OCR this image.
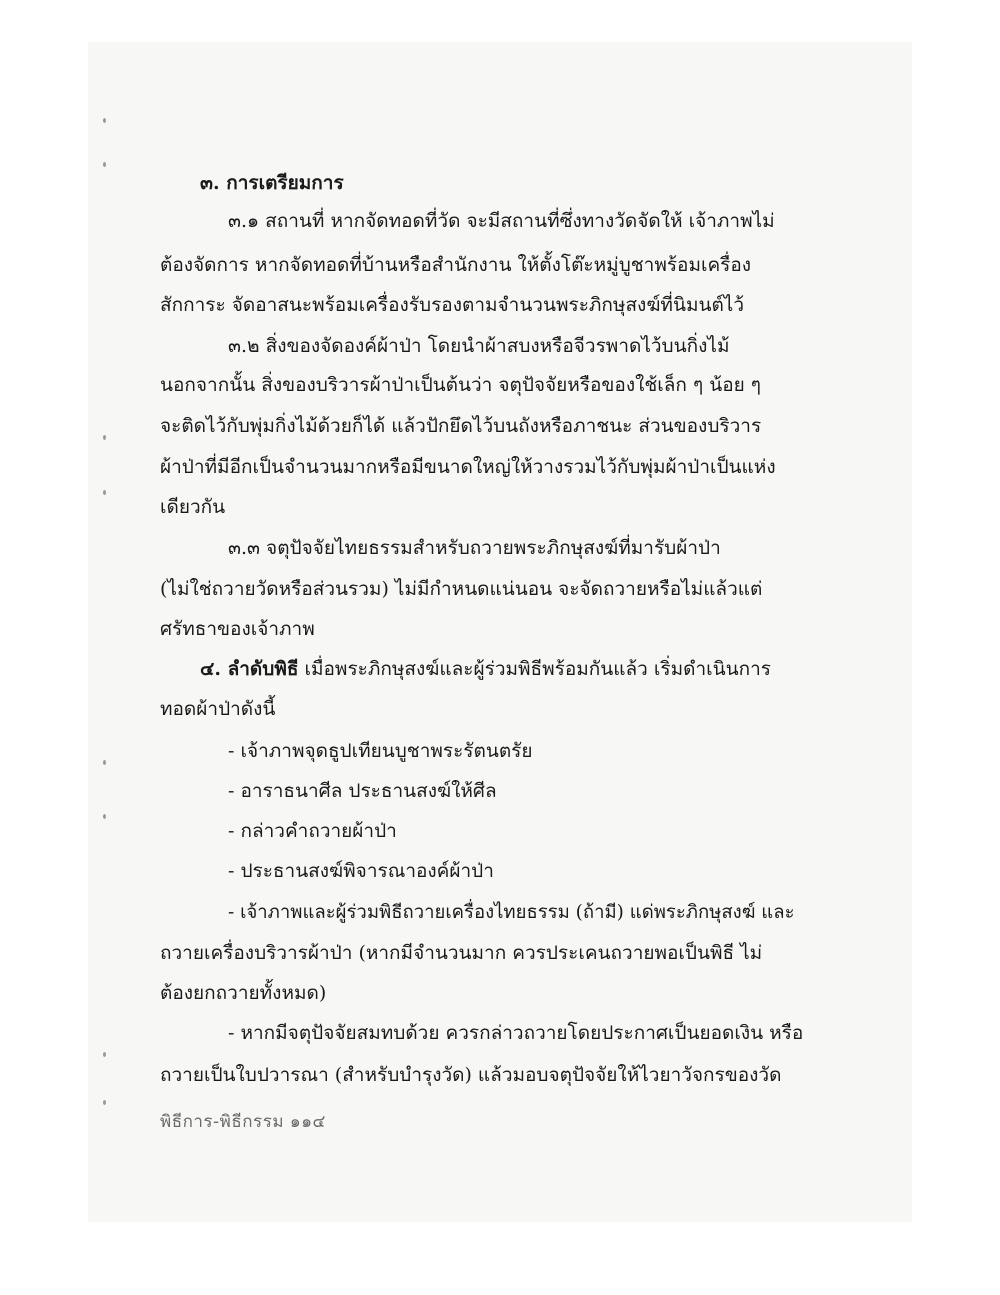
๓. การเตรียมการ
๓.๑ สถานที่ หากจัดทอดที่วัด จะมีสถานที่ซึ่งทางวัดจัดให้ เจ้าภาพไม่
ต้องจัดการ หากจัดทอดที่บ้านหรือสำนักงาน ให้ตั้งโต๊ะหมู่บูชาพร้อมเครื่อง
สักการะ จัดอาสนะพร้อมเครื่องรับรองตามจำนวนพระภิกษุสงฆ์ที่นิมนต์ไว้
๓.๒ สิ่งของจัดองค์ผ้าป่า โดยนำผ้าสบงหรือจีวรพาดไว้บนกิ่งไม้
นอกจากนั้น สิ่งของบริวารผ้าป่าเป็นต้นว่า จตุปัจจัยหรือของใช้เล็ก ๆ น้อย ๆ
จะติดไว้กับพุ่มกิ่งไม้ด้วยก็ได้ แล้วปักยึดไว้บนถังหรือภาชนะ ส่วนของบริวาร
ผ้าป่าที่มีอีกเป็นจำนวนมากหรือมีขนาดใหญ่ให้วางรวมไว้กับพุ่มผ้าป่าเป็นแห่ง
เดียวกัน
๓.๓ จตุปัจจัยไทยธรรมสำหรับถวายพระภิกษุสงฆ์ที่มารับผ้าป่า
(ไม่ใช่ถวายวัดหรือส่วนรวม) ไม่มีกำหนดแน่นอน จะจัดถวายหรือไม่แล้วแต่
ศรัทธาของเจ้าภาพ
๔. ลำดับพิธี เมื่อพระภิกษุสงฆ์และผู้ร่วมพิธีพร้อมกันแล้ว เริ่มดำเนินการ
ทอดผ้าป่าดังนี้
- เจ้าภาพจุดธูปเทียนบูชาพระรัตนตรัย
- อาราธนาศีล ประธานสงฆ์ให้ศีล
- กล่าวคำถวายผ้าป่า
- ประธานสงฆ์พิจารณาองค์ผ้าป่า
- เจ้าภาพและผู้ร่วมพิธีถวายเครื่องไทยธรรม (ถ้ามี) แด่พระภิกษุสงฆ์ และ
ถวายเครื่องบริวารผ้าป่า (หากมีจำนวนมาก ควรประเคนถวายพอเป็นพิธี ไม่
ต้องยกถวายทั้งหมด)
- หากมีจตุปัจจัยสมทบด้วย ควรกล่าวถวายโดยประกาศเป็นยอดเงิน หรือ
ถวายเป็นใบปวารณา (สำหรับบำรุงวัด) แล้วมอบจตุปัจจัยให้ไวยาวัจกรของวัด
พิธีการ-พิธีกรรม ๑๑๔
